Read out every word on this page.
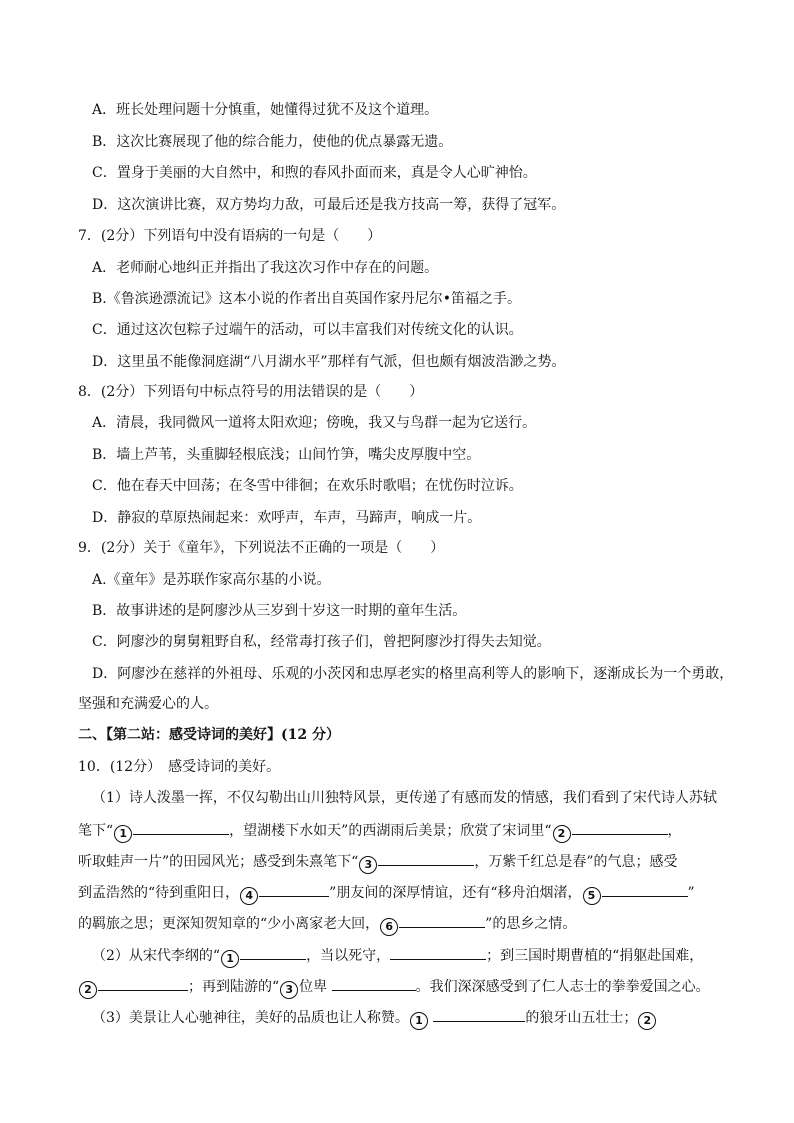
A．班长处理问题十分慎重，她懂得过犹不及这个道理。
B．这次比赛展现了他的综合能力，使他的优点暴露无遗。
C．置身于美丽的大自然中，和煦的春风扑面而来，真是令人心旷神怡。
D．这次演讲比赛，双方势均力敌，可最后还是我方技高一筹，获得了冠军。
7．(2分）下列语句中没有语病的一句是（　　）
A．老师耐心地纠正并指出了我这次习作中存在的问题。
B.《鲁滨逊漂流记》这本小说的作者出自英国作家丹尼尔•笛福之手。
C．通过这次包粽子过端午的活动，可以丰富我们对传统文化的认识。
D．这里虽不能像洞庭湖“八月湖水平”那样有气派，但也颇有烟波浩渺之势。
8．(2分）下列语句中标点符号的用法错误的是（　　）
A．清晨，我同微风一道将太阳欢迎；傍晚，我又与鸟群一起为它送行。
B．墙上芦苇，头重脚轻根底浅；山间竹笋，嘴尖皮厚腹中空。
C．他在春天中回荡；在冬雪中徘徊；在欢乐时歌唱；在忧伤时泣诉。
D．静寂的草原热闹起来：欢呼声，车声，马蹄声，响成一片。
9．(2分）关于《童年》，下列说法不正确的一项是（　　）
A.《童年》是苏联作家高尔基的小说。
B．故事讲述的是阿廖沙从三岁到十岁这一时期的童年生活。
C．阿廖沙的舅舅粗野自私，经常毒打孩子们，曾把阿廖沙打得失去知觉。
D．阿廖沙在慈祥的外祖母、乐观的小茨冈和忠厚老实的格里高利等人的影响下，逐渐成长为一个勇敢，
坚强和充满爱心的人。
二、【第二站：感受诗词的美好】(12 分）
10．(12分）　感受诗词的美好。
（1）诗人泼墨一挥，不仅勾勒出山川独特风景，更传递了有感而发的情感，我们看到了宋代诗人苏轼
笔下“ 1	，望湖楼下水如天”的西湖雨后美景；欣赏了宋词里“ 2	，
听取蛙声一片”的田园风光；感受到朱熹笔下“ 3	，万紫千红总是春”的气息；感受
到孟浩然的“待到重阳日， 4	”朋友间的深厚情谊，还有“移舟泊烟渚， 5	”
的羁旅之思；更深知贺知章的“少小离家老大回， 6	”的思乡之情。
（2）从宋代李纲的“ 1	，当以死守，	；到三国时期曹植的“捐躯赴国难，
2	；再到陆游的“ 3 位卑	。我们深深感受到了仁人志士的拳拳爱国之心。
（3）美景让人心驰神往，美好的品质也让人称赞。 1	的狼牙山五壮士； 2
